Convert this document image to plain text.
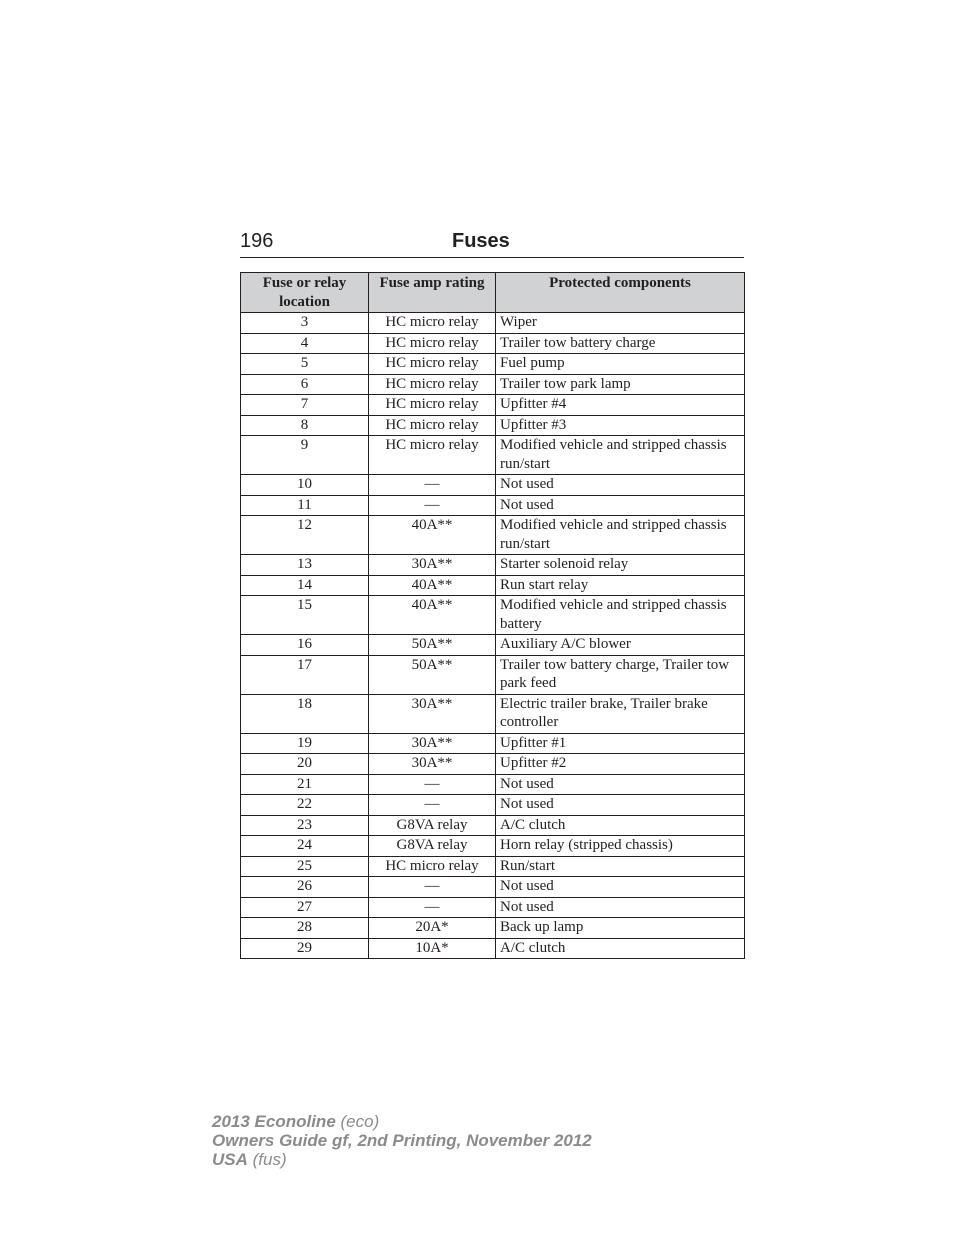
196	Fuses
Fuse or relay location	Fuse amp rating	Protected components
3	HC micro relay	Wiper
4	HC micro relay	Trailer tow battery charge
5	HC micro relay	Fuel pump
6	HC micro relay	Trailer tow park lamp
7	HC micro relay	Upfitter #4
8	HC micro relay	Upfitter #3
9	HC micro relay	Modified vehicle and stripped chassis run/start
10	—	Not used
11	—	Not used
12	40A**	Modified vehicle and stripped chassis run/start
13	30A**	Starter solenoid relay
14	40A**	Run start relay
15	40A**	Modified vehicle and stripped chassis battery
16	50A**	Auxiliary A/C blower
17	50A**	Trailer tow battery charge, Trailer tow park feed
18	30A**	Electric trailer brake, Trailer brake controller
19	30A**	Upfitter #1
20	30A**	Upfitter #2
21	—	Not used
22	—	Not used
23	G8VA relay	A/C clutch
24	G8VA relay	Horn relay (stripped chassis)
25	HC micro relay	Run/start
26	—	Not used
27	—	Not used
28	20A*	Back up lamp
29	10A*	A/C clutch
2013 Econoline (eco)
Owners Guide gf, 2nd Printing, November 2012
USA (fus)
